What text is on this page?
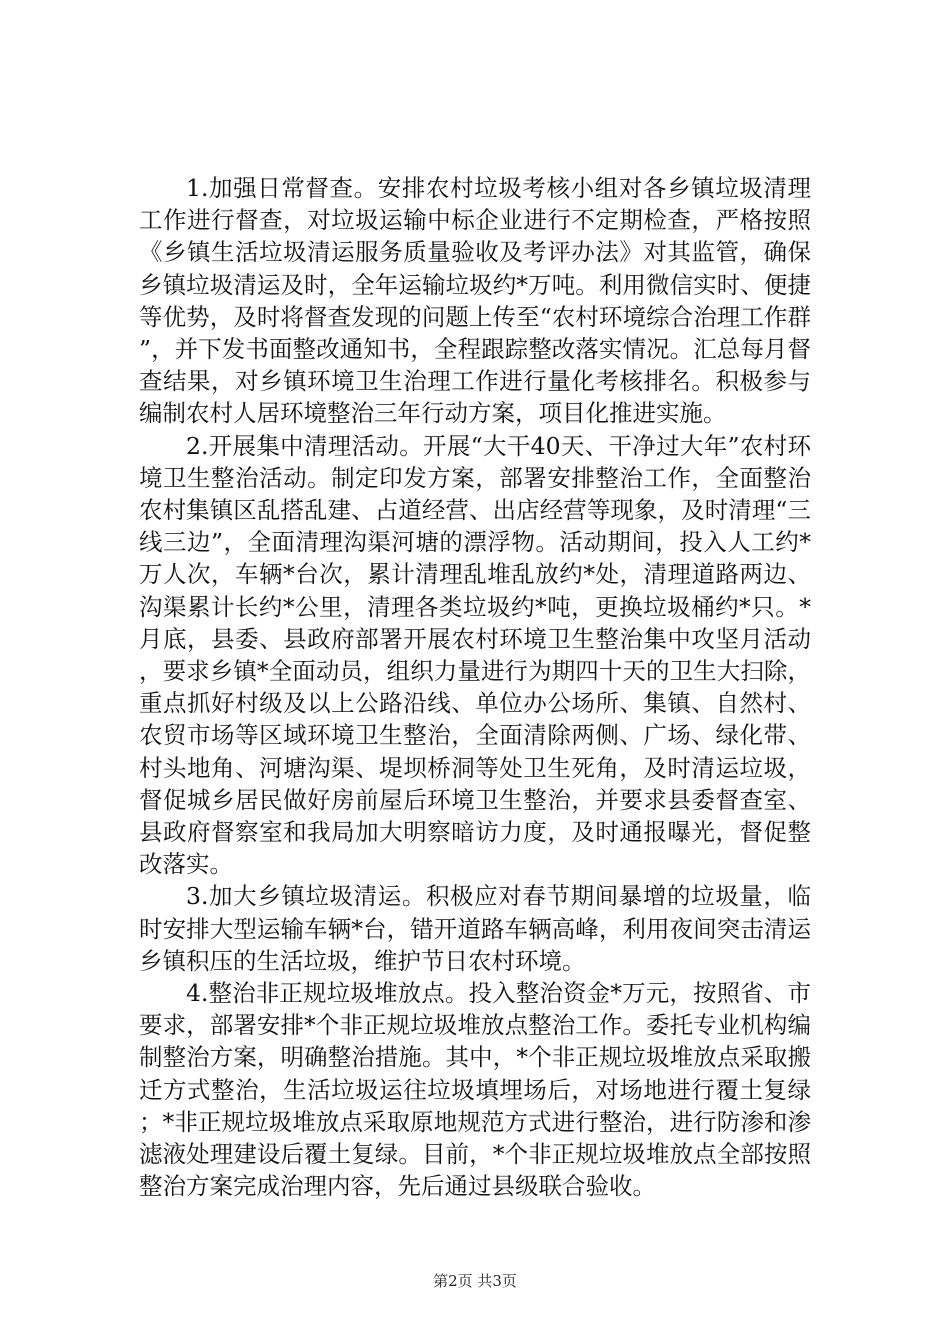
1.加强日常督查。安排农村垃圾考核小组对各乡镇垃圾清理工作进行督查，对垃圾运输中标企业进行不定期检查，严格按照《乡镇生活垃圾清运服务质量验收及考评办法》对其监管，确保乡镇垃圾清运及时，全年运输垃圾约*万吨。利用微信实时、便捷等优势，及时将督查发现的问题上传至“农村环境综合治理工作群”，并下发书面整改通知书，全程跟踪整改落实情况。汇总每月督查结果，对乡镇环境卫生治理工作进行量化考核排名。积极参与编制农村人居环境整治三年行动方案，项目化推进实施。

2.开展集中清理活动。开展“大干40天、干净过大年”农村环境卫生整治活动。制定印发方案，部署安排整治工作，全面整治农村集镇区乱搭乱建、占道经营、出店经营等现象，及时清理“三线三边”，全面清理沟渠河塘的漂浮物。活动期间，投入人工约*万人次，车辆*台次，累计清理乱堆乱放约*处，清理道路两边、沟渠累计长约*公里，清理各类垃圾约*吨，更换垃圾桶约*只。*月底，县委、县政府部署开展农村环境卫生整治集中攻坚月活动，要求乡镇*全面动员，组织力量进行为期四十天的卫生大扫除，重点抓好村级及以上公路沿线、单位办公场所、集镇、自然村、农贸市场等区域环境卫生整治，全面清除两侧、广场、绿化带、村头地角、河塘沟渠、堤坝桥洞等处卫生死角，及时清运垃圾，督促城乡居民做好房前屋后环境卫生整治，并要求县委督查室、县政府督察室和我局加大明察暗访力度，及时通报曝光，督促整改落实。

3.加大乡镇垃圾清运。积极应对春节期间暴增的垃圾量，临时安排大型运输车辆*台，错开道路车辆高峰，利用夜间突击清运乡镇积压的生活垃圾，维护节日农村环境。

4.整治非正规垃圾堆放点。投入整治资金*万元，按照省、市要求，部署安排*个非正规垃圾堆放点整治工作。委托专业机构编制整治方案，明确整治措施。其中，*个非正规垃圾堆放点采取搬迁方式整治，生活垃圾运往垃圾填埋场后，对场地进行覆土复绿；*非正规垃圾堆放点采取原地规范方式进行整治，进行防渗和渗滤液处理建设后覆土复绿。目前，*个非正规垃圾堆放点全部按照整治方案完成治理内容，先后通过县级联合验收。

第2页 共3页
